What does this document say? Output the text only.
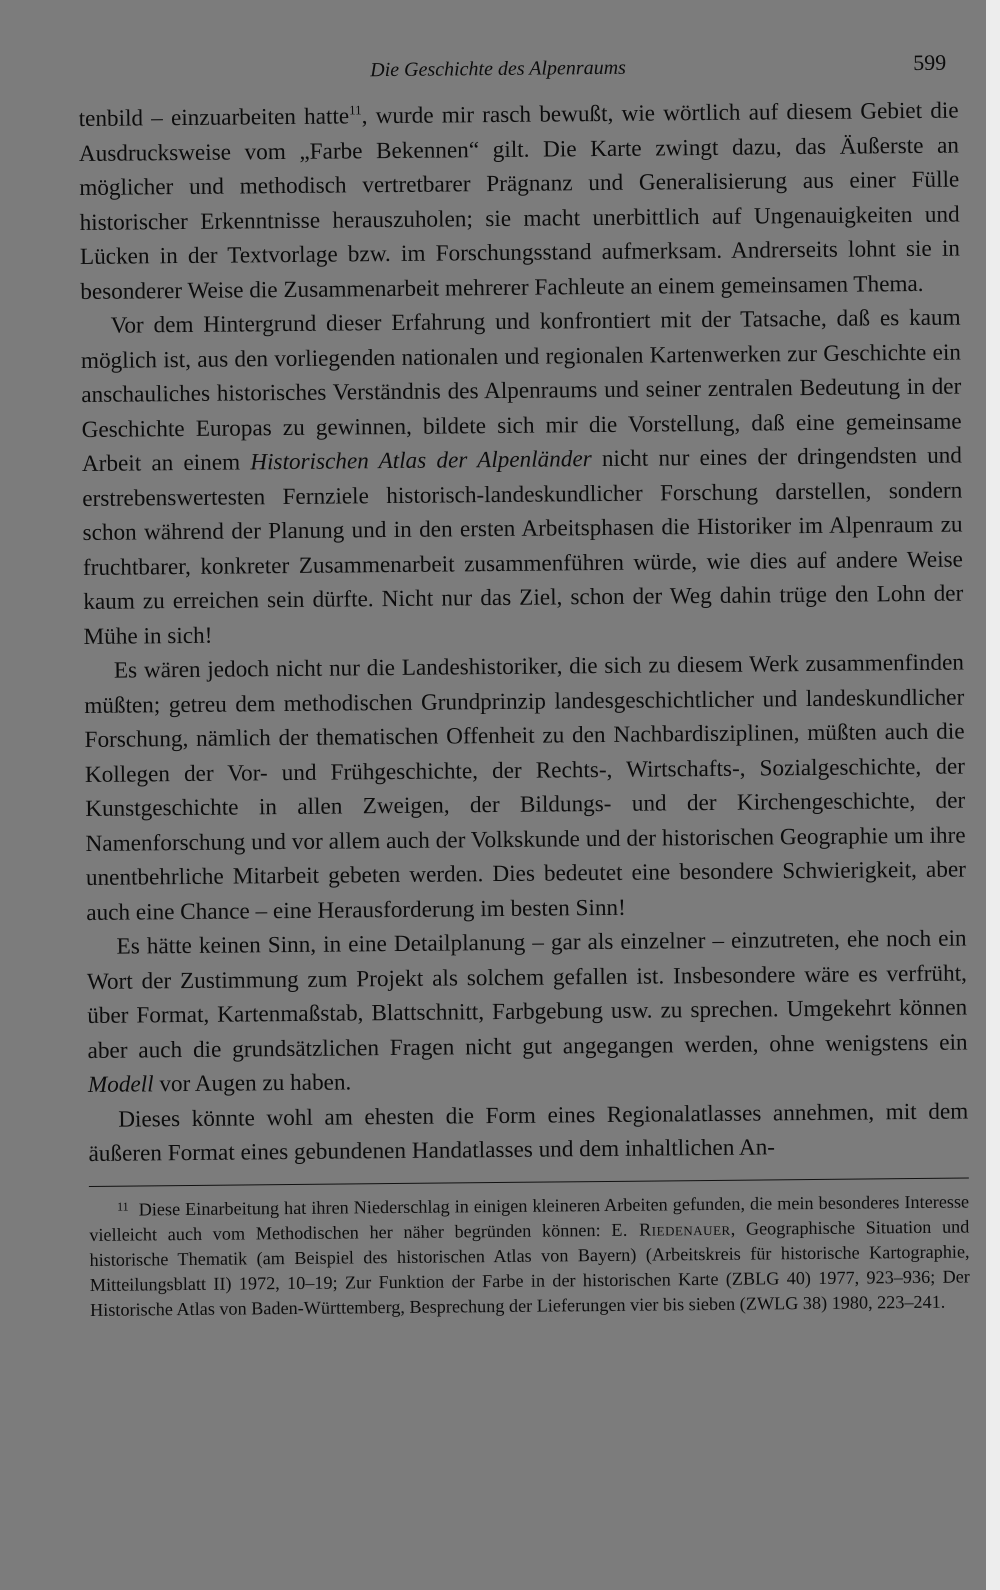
Die Geschichte des Alpenraums	599

tenbild – einzuarbeiten hatte$^{11}$, wurde mir rasch bewußt, wie wörtlich auf diesem Gebiet die Ausdrucksweise vom „Farbe Bekennen“ gilt. Die Karte zwingt dazu, das Äußerste an möglicher und methodisch vertretbarer Prägnanz und Generalisierung aus einer Fülle historischer Erkenntnisse herauszuholen; sie macht unerbittlich auf Ungenauigkeiten und Lücken in der Textvorlage bzw. im Forschungsstand aufmerksam. Andrerseits lohnt sie in besonderer Weise die Zusammenarbeit mehrerer Fachleute an einem gemeinsamen Thema.

Vor dem Hintergrund dieser Erfahrung und konfrontiert mit der Tatsache, daß es kaum möglich ist, aus den vorliegenden nationalen und regionalen Kartenwerken zur Geschichte ein anschauliches historisches Verständnis des Alpenraums und seiner zentralen Bedeutung in der Geschichte Europas zu gewinnen, bildete sich mir die Vorstellung, daß eine gemeinsame Arbeit an einem Historischen Atlas der Alpenländer nicht nur eines der dringendsten und erstrebenswertesten Fernziele historisch-landeskundlicher Forschung darstellen, sondern schon während der Planung und in den ersten Arbeitsphasen die Historiker im Alpenraum zu fruchtbarer, konkreter Zusammenarbeit zusammenführen würde, wie dies auf andere Weise kaum zu erreichen sein dürfte. Nicht nur das Ziel, schon der Weg dahin trüge den Lohn der Mühe in sich!

Es wären jedoch nicht nur die Landeshistoriker, die sich zu diesem Werk zusammenfinden müßten; getreu dem methodischen Grundprinzip landesgeschichtlicher und landeskundlicher Forschung, nämlich der thematischen Offenheit zu den Nachbardisziplinen, müßten auch die Kollegen der Vor- und Frühgeschichte, der Rechts-, Wirtschafts-, Sozialgeschichte, der Kunstgeschichte in allen Zweigen, der Bildungs- und der Kirchengeschichte, der Namenforschung und vor allem auch der Volkskunde und der historischen Geographie um ihre unentbehrliche Mitarbeit gebeten werden. Dies bedeutet eine besondere Schwierigkeit, aber auch eine Chance – eine Herausforderung im besten Sinn!

Es hätte keinen Sinn, in eine Detailplanung – gar als einzelner – einzutreten, ehe noch ein Wort der Zustimmung zum Projekt als solchem gefallen ist. Insbesondere wäre es verfrüht, über Format, Kartenmaßstab, Blattschnitt, Farbgebung usw. zu sprechen. Umgekehrt können aber auch die grundsätzlichen Fragen nicht gut angegangen werden, ohne wenigstens ein Modell vor Augen zu haben.

Dieses könnte wohl am ehesten die Form eines Regionalatlasses annehmen, mit dem äußeren Format eines gebundenen Handatlasses und dem inhaltlichen An-

$^{11}$ Diese Einarbeitung hat ihren Niederschlag in einigen kleineren Arbeiten gefunden, die mein besonderes Interesse vielleicht auch vom Methodischen her näher begründen können: E. Riedenauer, Geographische Situation und historische Thematik (am Beispiel des historischen Atlas von Bayern) (Arbeitskreis für historische Kartographie, Mitteilungsblatt II) 1972, 10–19; Zur Funktion der Farbe in der historischen Karte (ZBLG 40) 1977, 923–936; Der Historische Atlas von Baden-Württemberg, Besprechung der Lieferungen vier bis sieben (ZWLG 38) 1980, 223–241.
